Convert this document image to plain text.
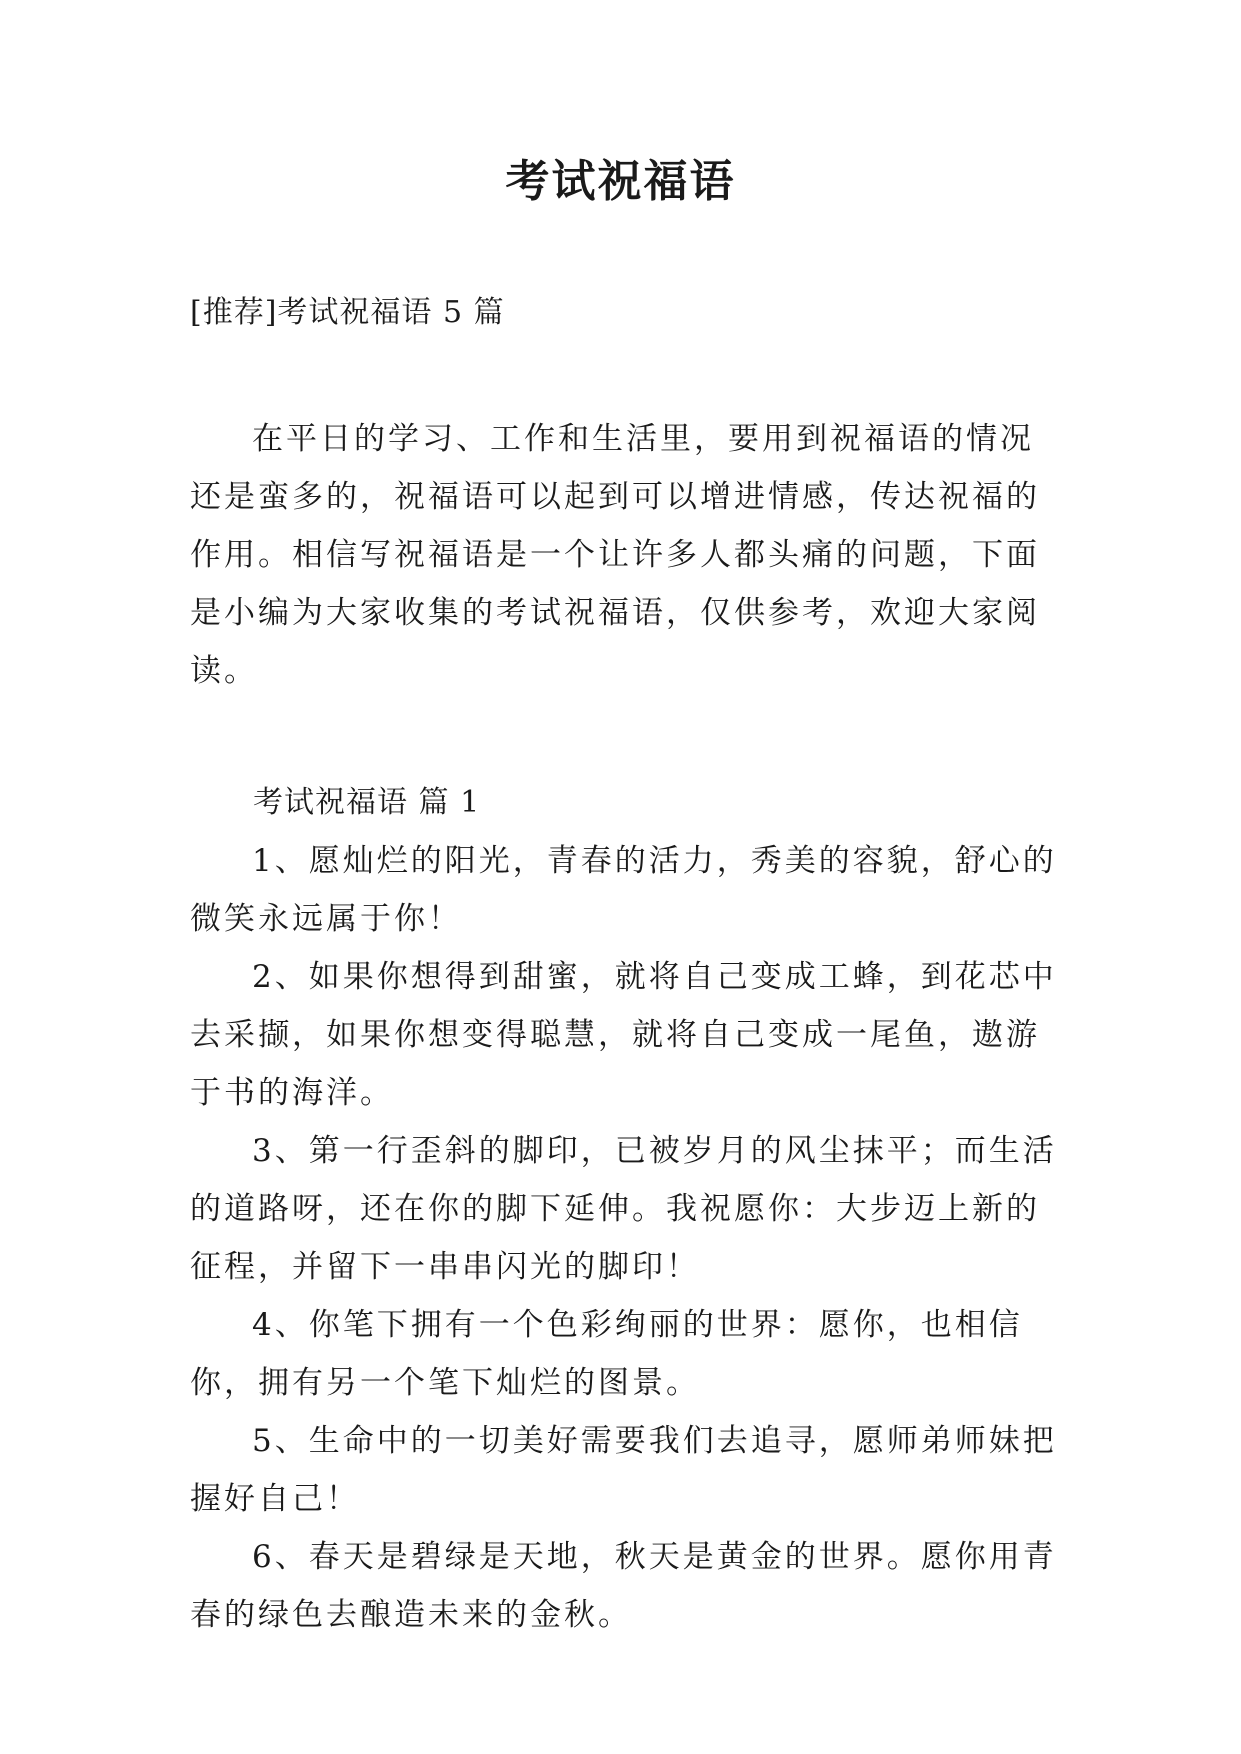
考试祝福语
[推荐]考试祝福语 5 篇

在平日的学习、工作和生活里，要用到祝福语的情况还是蛮多的，祝福语可以起到可以增进情感，传达祝福的作用。相信写祝福语是一个让许多人都头痛的问题，下面是小编为大家收集的考试祝福语，仅供参考，欢迎大家阅读。

考试祝福语 篇 1

1、愿灿烂的阳光，青春的活力，秀美的容貌，舒心的微笑永远属于你！

2、如果你想得到甜蜜，就将自己变成工蜂，到花芯中去采撷，如果你想变得聪慧，就将自己变成一尾鱼，遨游于书的海洋。

3、第一行歪斜的脚印，已被岁月的风尘抹平；而生活的道路呀，还在你的脚下延伸。我祝愿你：大步迈上新的征程，并留下一串串闪光的脚印！

4、你笔下拥有一个色彩绚丽的世界：愿你，也相信你，拥有另一个笔下灿烂的图景。

5、生命中的一切美好需要我们去追寻，愿师弟师妹把握好自己！

6、春天是碧绿是天地，秋天是黄金的世界。愿你用青春的绿色去酿造未来的金秋。
